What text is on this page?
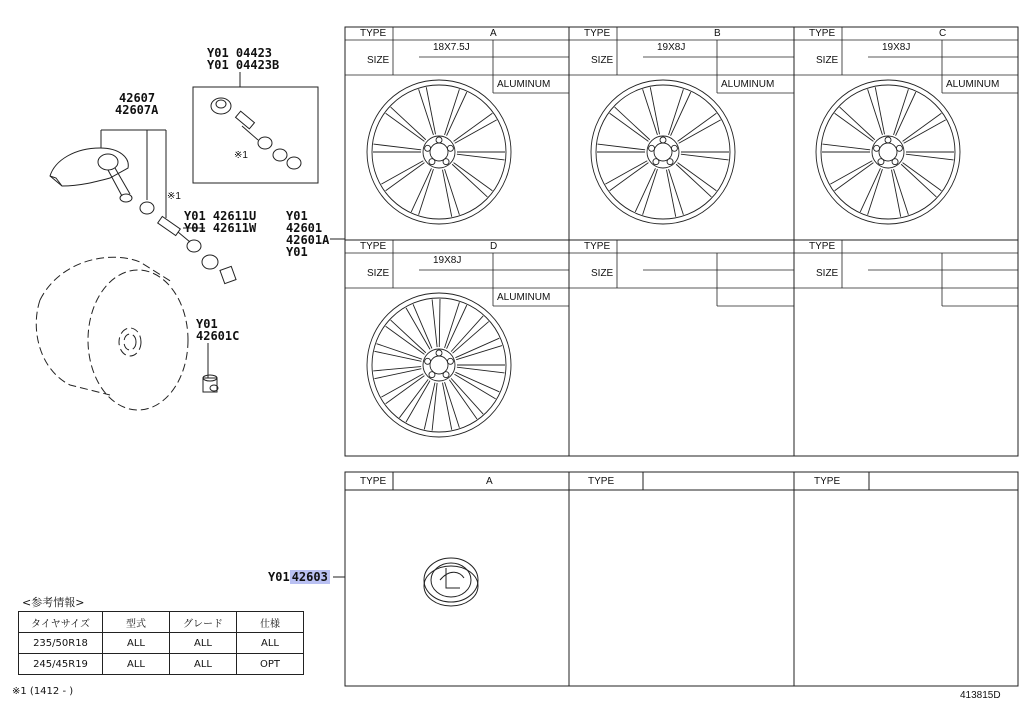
Y01 04423
Y01 04423B
※1
42607
42607A
※1
Y01 42611U
Y01 42611W
Y01
42601
42601A
Y01
Y01
42601C
Y01 42603
TYPE	A
SIZE
18X7.5J
ALUMINUM
TYPE	B
SIZE
19X8J
ALUMINUM
TYPE	C
SIZE
19X8J
ALUMINUM
TYPE	D
SIZE
19X8J
ALUMINUM
TYPE
SIZE
TYPE
SIZE
TYPE	A	TYPE	TYPE
<参考情報>
タイヤサイズ	型式	グレード	仕様
235/50R18	ALL	ALL	ALL
245/45R19	ALL	ALL	OPT
※1 (1412 - )	413815D
